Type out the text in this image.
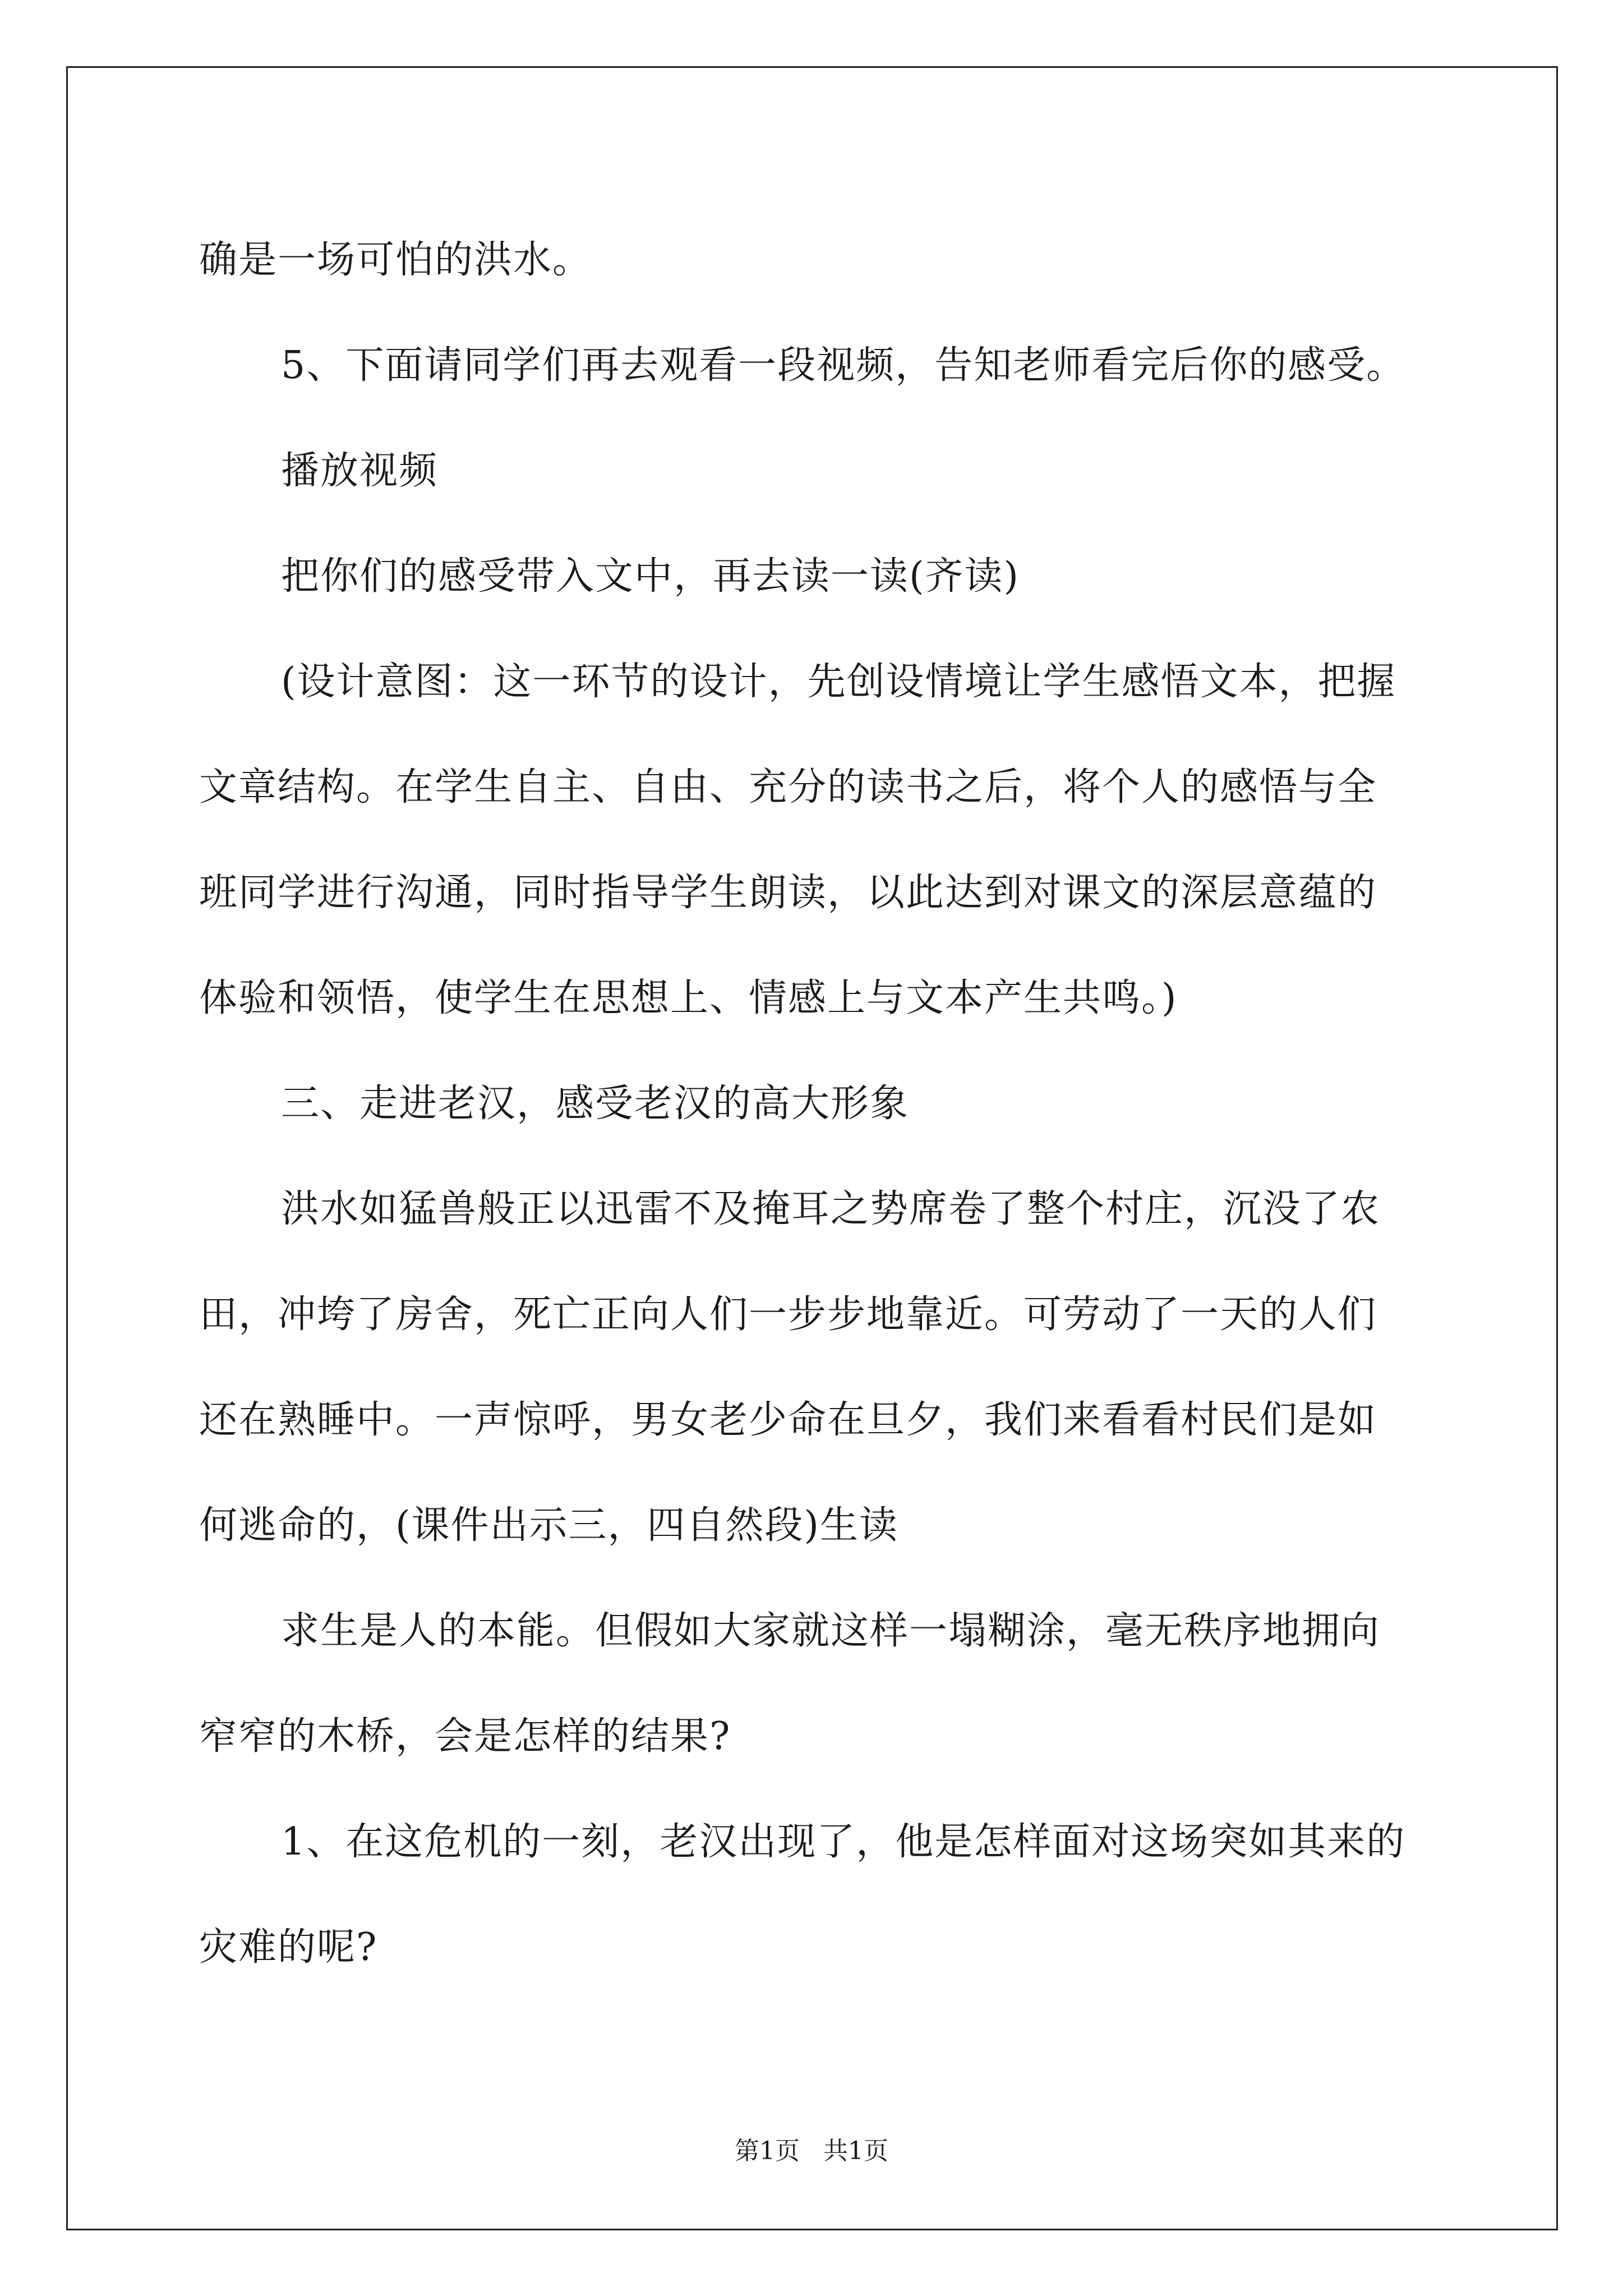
确是一场可怕的洪水。
5、下面请同学们再去观看一段视频，告知老师看完后你的感受。
播放视频
把你们的感受带入文中，再去读一读(齐读)
(设计意图：这一环节的设计，先创设情境让学生感悟文本，把握
文章结构。在学生自主、自由、充分的读书之后，将个人的感悟与全
班同学进行沟通，同时指导学生朗读，以此达到对课文的深层意蕴的
体验和领悟，使学生在思想上、情感上与文本产生共鸣。)
三、走进老汉，感受老汉的高大形象
洪水如猛兽般正以迅雷不及掩耳之势席卷了整个村庄，沉没了农
田，冲垮了房舍，死亡正向人们一步步地靠近。可劳动了一天的人们
还在熟睡中。一声惊呼，男女老少命在旦夕，我们来看看村民们是如
何逃命的，(课件出示三，四自然段)生读
求生是人的本能。但假如大家就这样一塌糊涂，毫无秩序地拥向
窄窄的木桥，会是怎样的结果?
1、在这危机的一刻，老汉出现了，他是怎样面对这场突如其来的
灾难的呢?
第1页   共1页
